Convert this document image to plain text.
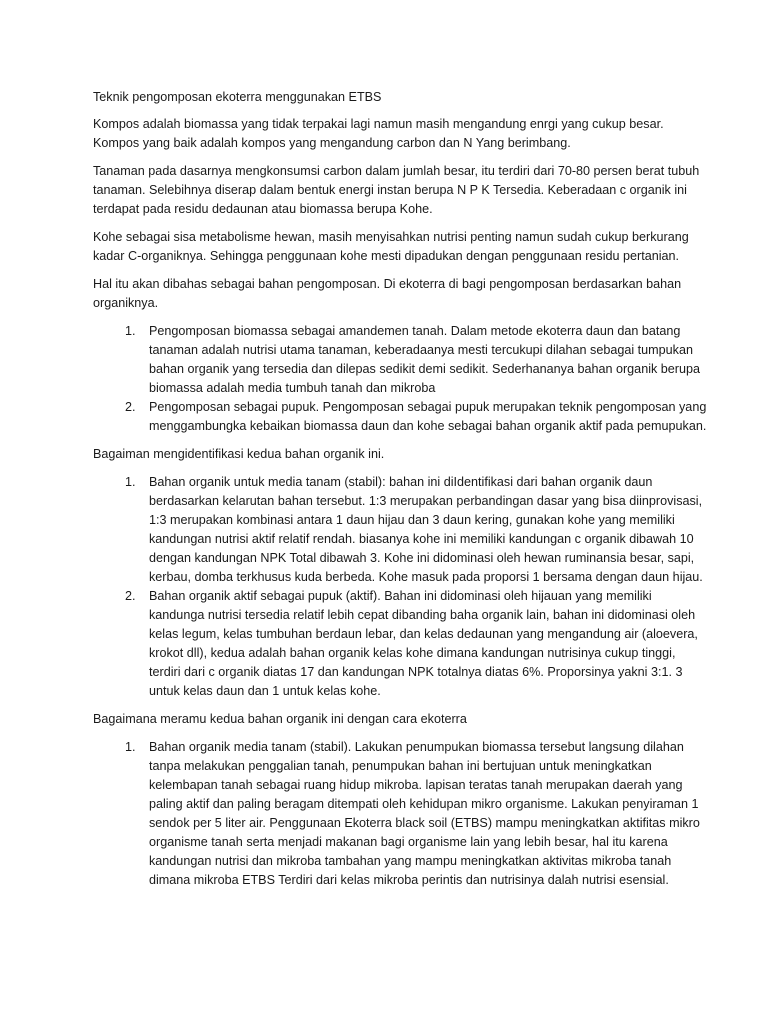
Teknik pengomposan ekoterra menggunakan ETBS

Kompos adalah biomassa yang tidak terpakai lagi namun masih mengandung enrgi yang cukup besar. Kompos yang baik adalah kompos yang mengandung carbon dan N Yang berimbang.

Tanaman pada dasarnya mengkonsumsi carbon dalam jumlah besar, itu terdiri dari 70-80 persen berat tubuh tanaman. Selebihnya diserap dalam bentuk energi instan berupa N P K Tersedia. Keberadaan c organik ini terdapat pada residu dedaunan atau biomassa berupa Kohe.

Kohe sebagai sisa metabolisme hewan, masih menyisahkan nutrisi penting namun sudah cukup berkurang kadar C-organiknya. Sehingga penggunaan kohe mesti dipadukan dengan penggunaan residu pertanian.

Hal itu akan dibahas sebagai bahan pengomposan. Di ekoterra di bagi pengomposan berdasarkan bahan organiknya.

1. Pengomposan biomassa sebagai amandemen tanah. Dalam metode ekoterra daun dan batang tanaman adalah nutrisi utama tanaman, keberadaanya mesti tercukupi dilahan sebagai tumpukan bahan organik yang tersedia dan dilepas sedikit demi sedikit. Sederhananya bahan organik berupa biomassa adalah media tumbuh tanah dan mikroba
2. Pengomposan sebagai pupuk. Pengomposan sebagai pupuk merupakan teknik pengomposan yang menggambungka kebaikan biomassa daun dan kohe sebagai bahan organik aktif pada pemupukan.

Bagaiman mengidentifikasi kedua bahan organik ini.

1. Bahan organik untuk media tanam (stabil): bahan ini diIdentifikasi dari bahan organik daun berdasarkan kelarutan bahan tersebut. 1:3 merupakan perbandingan dasar yang bisa diinprovisasi, 1:3 merupakan kombinasi antara 1 daun hijau dan 3 daun kering, gunakan kohe yang memiliki kandungan nutrisi aktif relatif rendah. biasanya kohe ini memiliki kandungan c organik dibawah 10 dengan kandungan NPK Total dibawah 3. Kohe ini didominasi oleh hewan ruminansia besar, sapi, kerbau, domba terkhusus kuda berbeda. Kohe masuk pada proporsi 1 bersama dengan daun hijau.
2. Bahan organik aktif sebagai pupuk (aktif). Bahan ini didominasi oleh hijauan yang memiliki kandunga nutrisi tersedia relatif lebih cepat dibanding baha organik lain, bahan ini didominasi oleh kelas legum, kelas tumbuhan berdaun lebar, dan kelas dedaunan yang mengandung air (aloevera, krokot dll), kedua adalah bahan organik kelas kohe dimana kandungan nutrisinya cukup tinggi, terdiri dari c organik diatas 17 dan kandungan NPK totalnya diatas 6%. Proporsinya yakni 3:1. 3 untuk kelas daun dan 1 untuk kelas kohe.

Bagaimana meramu kedua bahan organik ini dengan cara ekoterra

1. Bahan organik media tanam (stabil). Lakukan penumpukan biomassa tersebut langsung dilahan tanpa melakukan penggalian tanah, penumpukan bahan ini bertujuan untuk meningkatkan kelembapan tanah sebagai ruang hidup mikroba. lapisan teratas tanah merupakan daerah yang paling aktif dan paling beragam ditempati oleh kehidupan mikro organisme. Lakukan penyiraman 1 sendok per 5 liter air. Penggunaan Ekoterra black soil (ETBS) mampu meningkatkan aktifitas mikro organisme tanah serta menjadi makanan bagi organisme lain yang lebih besar, hal itu karena kandungan nutrisi dan mikroba tambahan yang mampu meningkatkan aktivitas mikroba tanah dimana mikroba ETBS Terdiri dari kelas mikroba perintis dan nutrisinya dalah nutrisi esensial.
